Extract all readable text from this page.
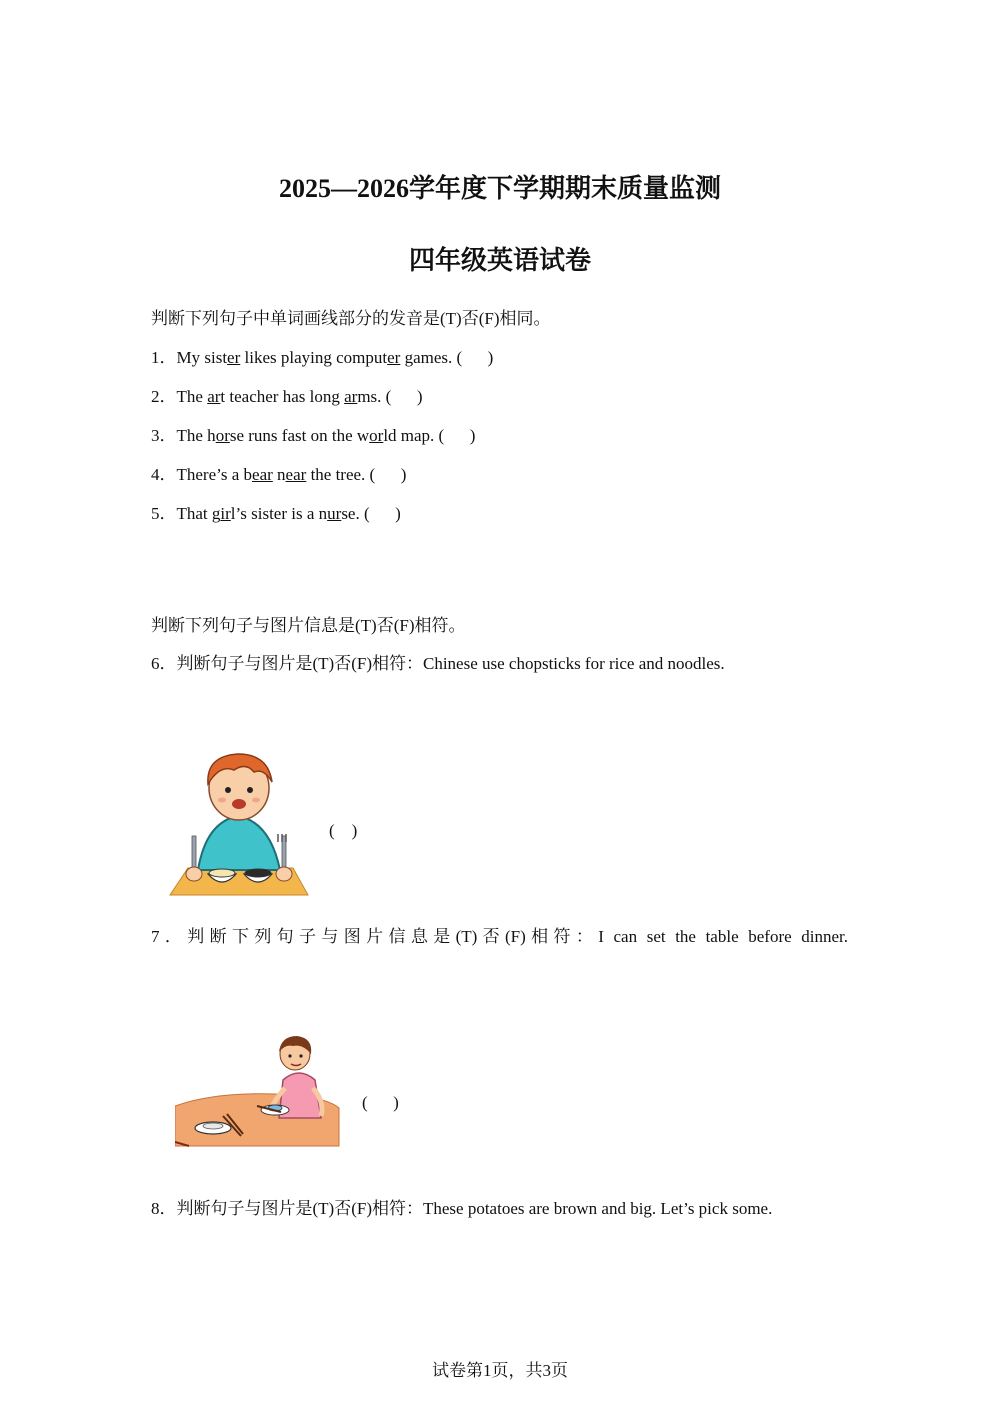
2025—2026学年度下学期期末质量监测
四年级英语试卷
判断下列句子中单词画线部分的发音是(T)否(F)相同。
1．My sister likes playing computer games. (      )
2．The art teacher has long arms. (      )
3．The horse runs fast on the world map. (      )
4．There’s a bear near the tree. (      )
5．That girl’s sister is a nurse. (      )
判断下列句子与图片信息是(T)否(F)相符。
6．判断句子与图片是(T)否(F)相符：Chinese use chopsticks for rice and noodles.
(    )
7．判断下列句子与图片信息是(T)否(F)相符：I can set the table before dinner.
(      )
8．判断句子与图片是(T)否(F)相符：These potatoes are brown and big. Let’s pick some.
试卷第1页，共3页
